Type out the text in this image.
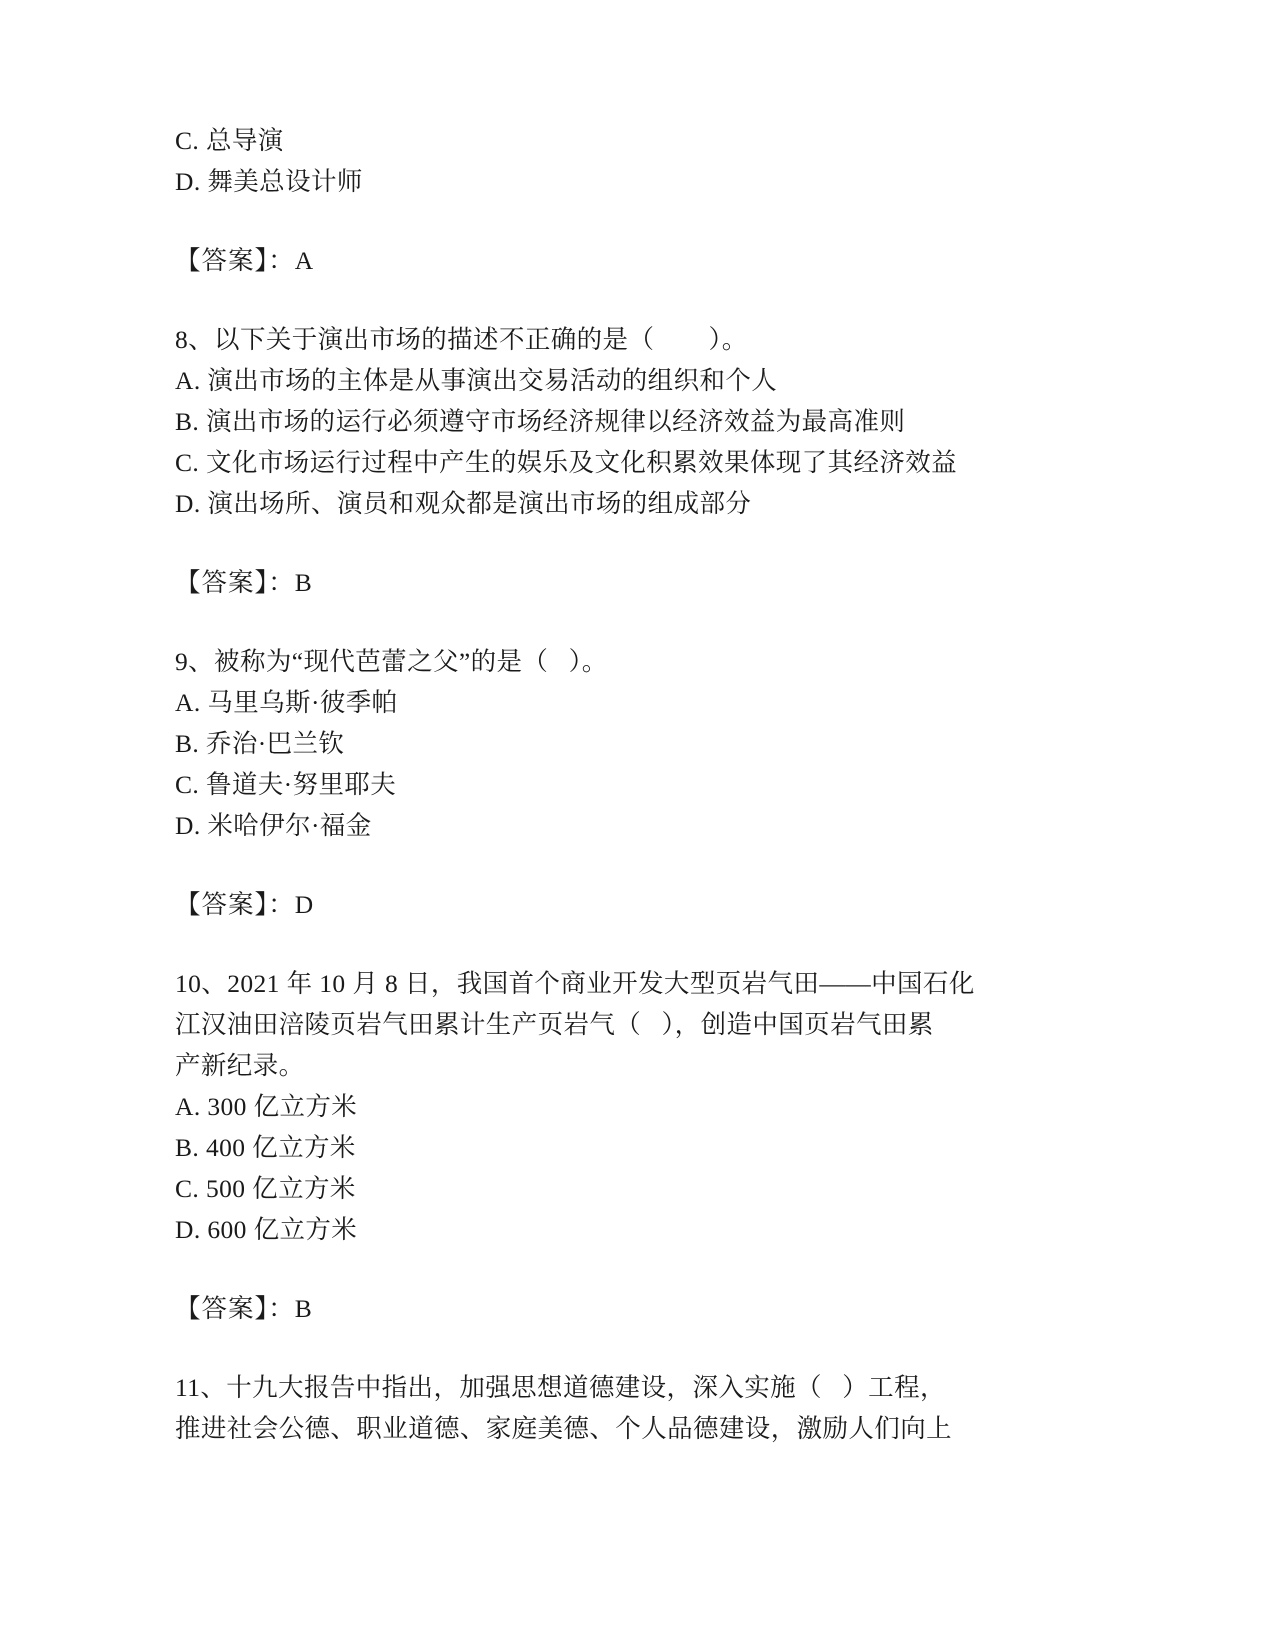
C. 总导演
D. 舞美总设计师
【答案】：A
8、以下关于演出市场的描述不正确的是（        ）。
A. 演出市场的主体是从事演出交易活动的组织和个人
B. 演出市场的运行必须遵守市场经济规律以经济效益为最高准则
C. 文化市场运行过程中产生的娱乐及文化积累效果体现了其经济效益
D. 演出场所、演员和观众都是演出市场的组成部分
【答案】：B
9、被称为“现代芭蕾之父”的是（   ）。
A. 马里乌斯·彼季帕
B. 乔治·巴兰钦
C. 鲁道夫·努里耶夫
D. 米哈伊尔·福金
【答案】：D
10、2021 年 10 月 8 日，我国首个商业开发大型页岩气田——中国石化
江汉油田涪陵页岩气田累计生产页岩气（   ），创造中国页岩气田累
产新纪录。
A. 300 亿立方米
B. 400 亿立方米
C. 500 亿立方米
D. 600 亿立方米
【答案】：B
11、十九大报告中指出，加强思想道德建设，深入实施（   ）工程，
推进社会公德、职业道德、家庭美德、个人品德建设，激励人们向上
